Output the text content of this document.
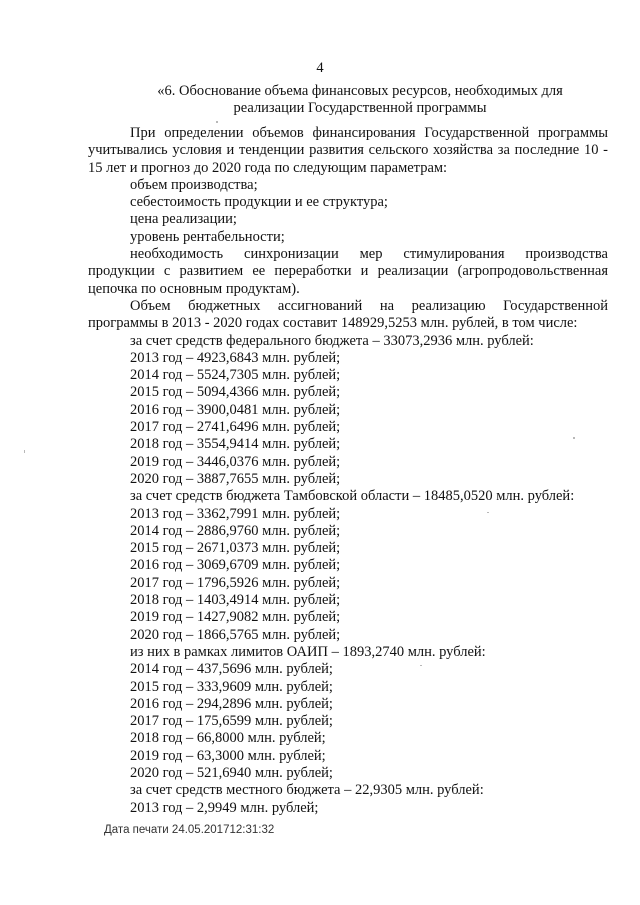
4
«6. Обоснование объема финансовых ресурсов, необходимых для
реализации Государственной программы
При определении объемов финансирования Государственной программы учитывались условия и тенденции развития сельского хозяйства за последние 10 - 15 лет и прогноз до 2020 года по следующим параметрам:
объем производства;
себестоимость продукции и ее структура;
цена реализации;
уровень рентабельности;
необходимость синхронизации мер стимулирования производства продукции с развитием ее переработки и реализации (агропродовольственная цепочка по основным продуктам).
Объем бюджетных ассигнований на реализацию Государственной программы в 2013 - 2020 годах составит 148929,5253 млн. рублей, в том числе:
за счет средств федерального бюджета – 33073,2936 млн. рублей:
2013 год – 4923,6843 млн. рублей;
2014 год – 5524,7305 млн. рублей;
2015 год – 5094,4366 млн. рублей;
2016 год – 3900,0481 млн. рублей;
2017 год – 2741,6496 млн. рублей;
2018 год – 3554,9414 млн. рублей;
2019 год – 3446,0376 млн. рублей;
2020 год – 3887,7655 млн. рублей;
за счет средств бюджета Тамбовской области – 18485,0520 млн. рублей:
2013 год – 3362,7991 млн. рублей;
2014 год – 2886,9760 млн. рублей;
2015 год – 2671,0373 млн. рублей;
2016 год – 3069,6709 млн. рублей;
2017 год – 1796,5926 млн. рублей;
2018 год – 1403,4914 млн. рублей;
2019 год – 1427,9082 млн. рублей;
2020 год – 1866,5765 млн. рублей;
из них в рамках лимитов ОАИП – 1893,2740 млн. рублей:
2014 год – 437,5696 млн. рублей;
2015 год – 333,9609 млн. рублей;
2016 год – 294,2896 млн. рублей;
2017 год – 175,6599 млн. рублей;
2018 год – 66,8000 млн. рублей;
2019 год – 63,3000 млн. рублей;
2020 год – 521,6940 млн. рублей;
за счет средств местного бюджета – 22,9305 млн. рублей:
2013 год – 2,9949 млн. рублей;
Дата печати 24.05.201712:31:32
